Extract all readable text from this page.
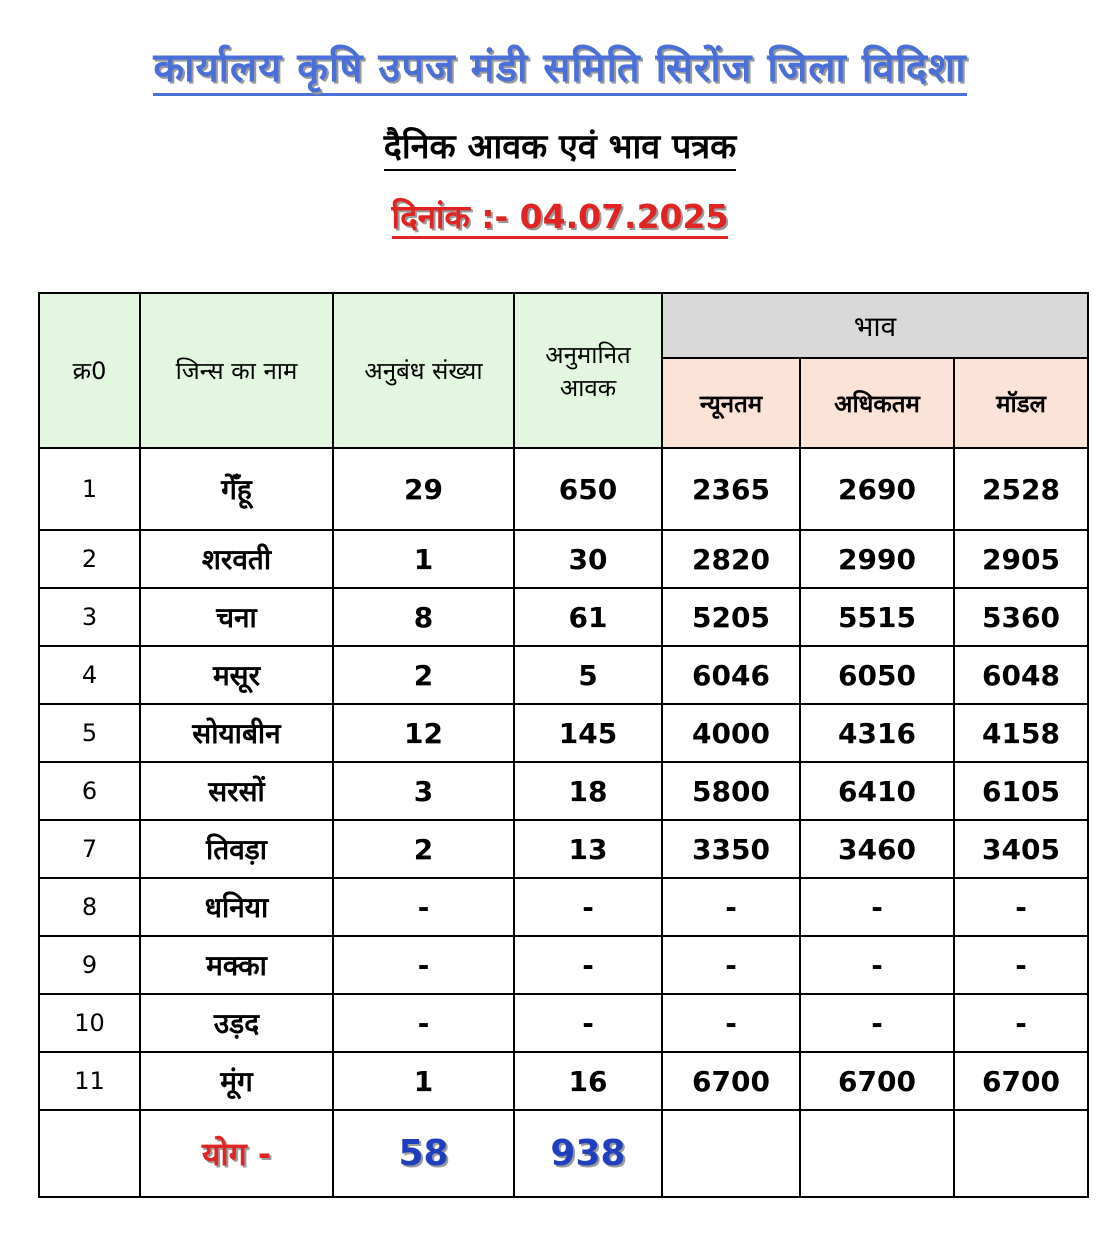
कार्यालय कृषि उपज मंडी समिति सिरोंज जिला विदिशा
दैनिक आवक एवं भाव पत्रक
दिनांक :- 04.07.2025
क्र0	जिन्स का नाम	अनुबंध संख्या	अनुमानित आवक	भाव		
				न्यूनतम	अधिकतम	मॉडल
1	गेँहू	29	650	2365	2690	2528
2	शरवती	1	30	2820	2990	2905
3	चना	8	61	5205	5515	5360
4	मसूर	2	5	6046	6050	6048
5	सोयाबीन	12	145	4000	4316	4158
6	सरसों	3	18	5800	6410	6105
7	तिवड़ा	2	13	3350	3460	3405
8	धनिया	-	-	-	-	-
9	मक्का	-	-	-	-	-
10	उड़द	-	-	-	-	-
11	मूंग	1	16	6700	6700	6700
	योग -	58	938			
